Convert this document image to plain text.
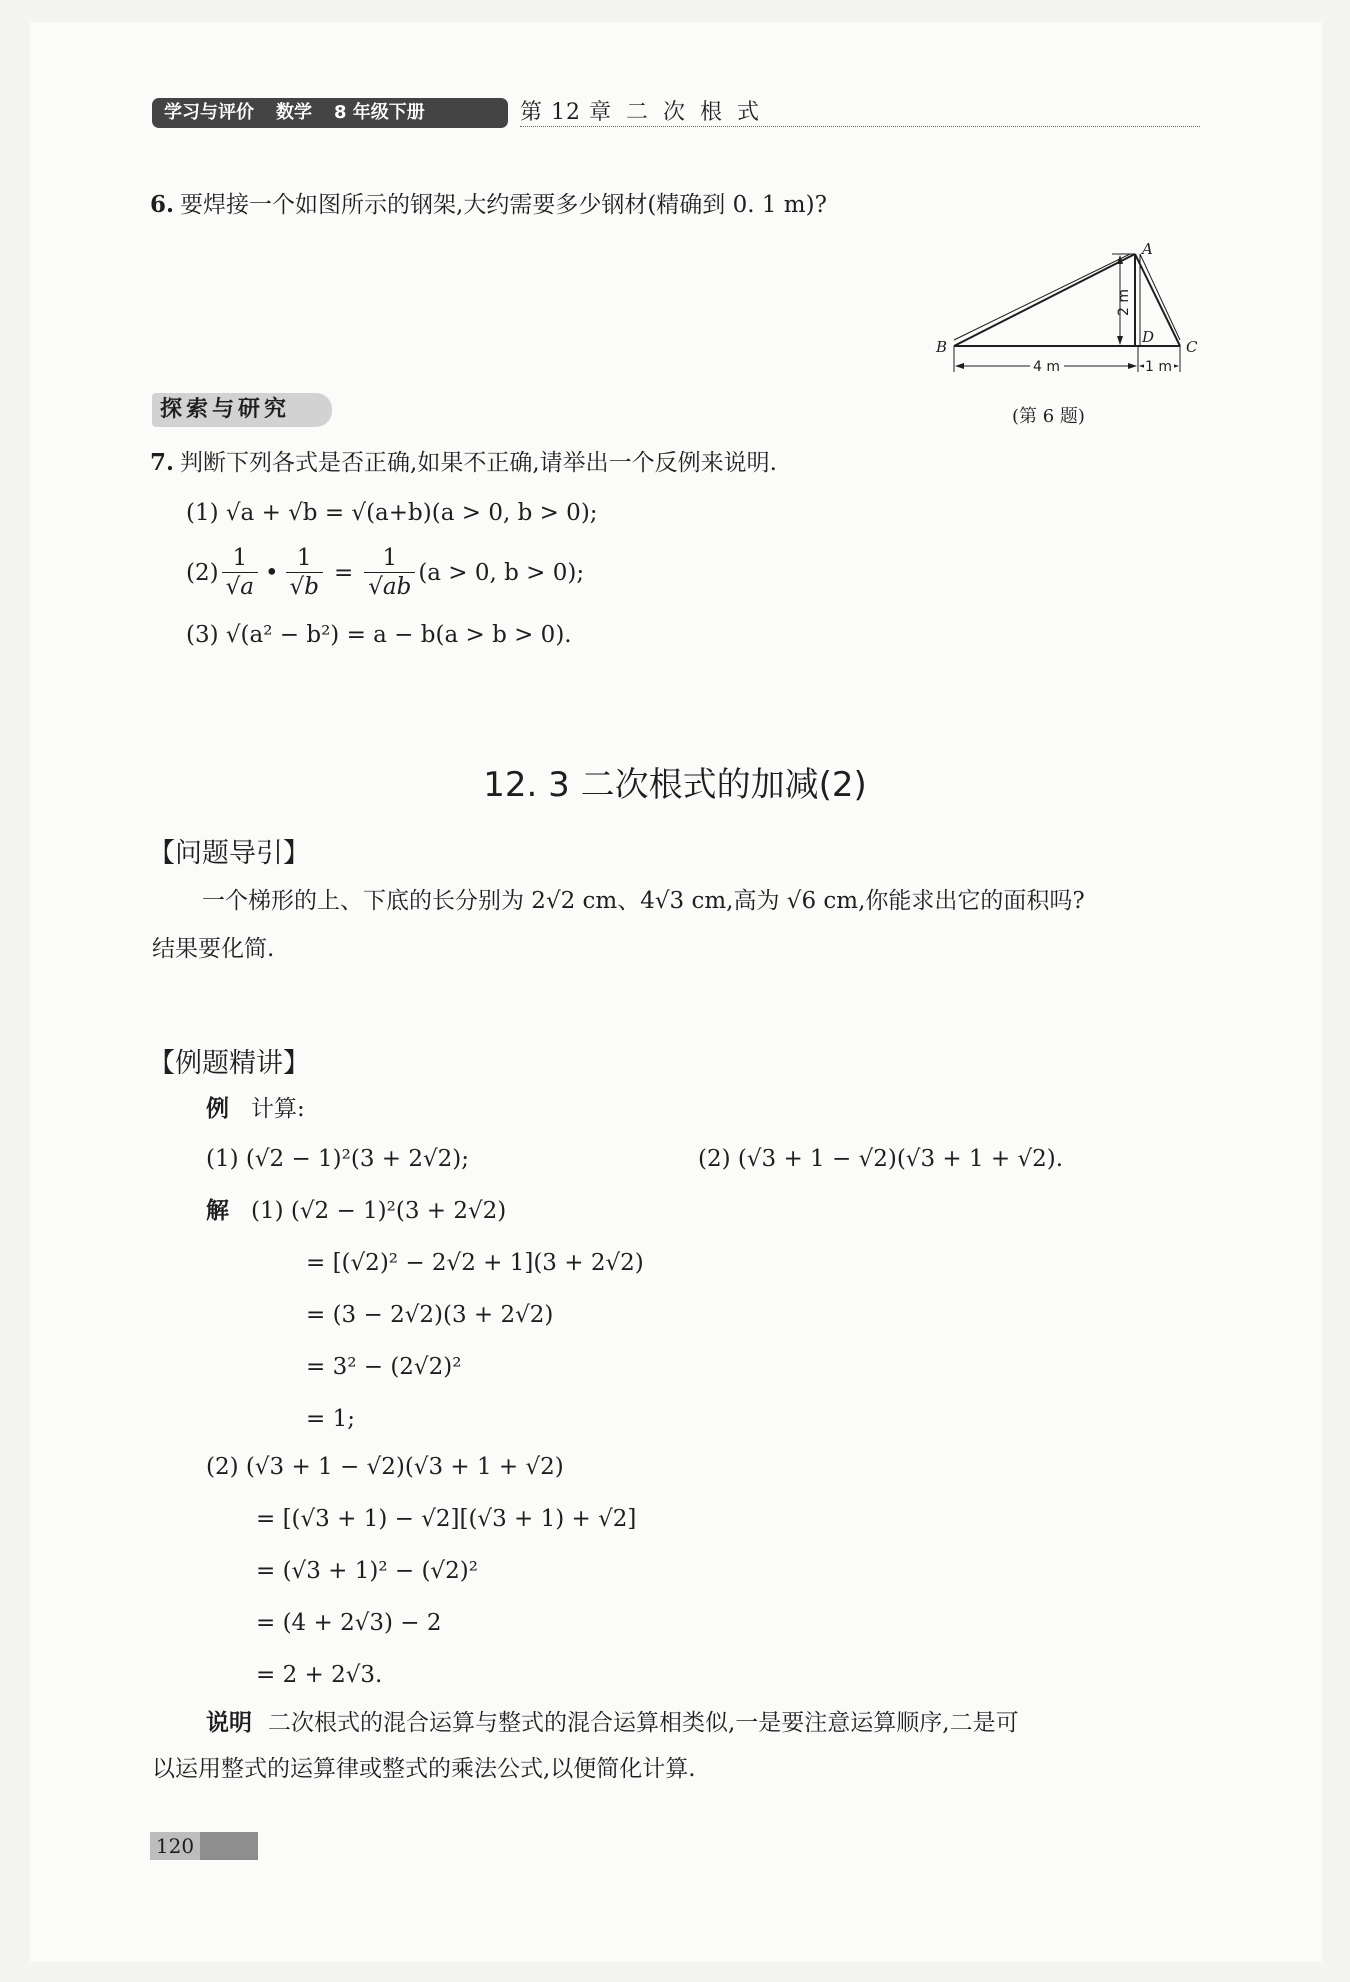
学习与评价 数学 8 年级下册	第 12 章 二 次 根 式
6. 要焊接一个如图所示的钢架,大约需要多少钢材(精确到 0. 1 m)?
A
B	C
D
4 m	1 m
2 m
(第 6 题)
探索与研究
7. 判断下列各式是否正确,如果不正确,请举出一个反例来说明.
(1) √a + √b = √(a+b)(a > 0, b > 0);
$(2) \frac{1}{√a}$ • $\frac{1}{√b} = \frac{1}{√ab} (a > 0$, b > 0);
(3) √(a² − b²) = a − b(a > b > 0).
12. 3 二次根式的加减(2)
【问题导引】
一个梯形的上、下底的长分别为 2√2 cm、4√3 cm,高为 √6 cm,你能求出它的面积吗?
结果要化简.
【例题精讲】
例 计算:
(1) (√2 − 1)²(3 + 2√2);	(2) (√3 + 1 − √2)(√3 + 1 + √2).
解 (1) (√2 − 1)²(3 + 2√2)
= [(√2)² − 2√2 + 1](3 + 2√2)
= (3 − 2√2)(3 + 2√2)
= 3² − (2√2)²
= 1;
(2) (√3 + 1 − √2)(√3 + 1 + √2)
= [(√3 + 1) − √2][(√3 + 1) + √2]
= (√3 + 1)² − (√2)²
= (4 + 2√3) − 2
= 2 + 2√3.
说明 二次根式的混合运算与整式的混合运算相类似,一是要注意运算顺序,二是可
以运用整式的运算律或整式的乘法公式,以便简化计算.
120
